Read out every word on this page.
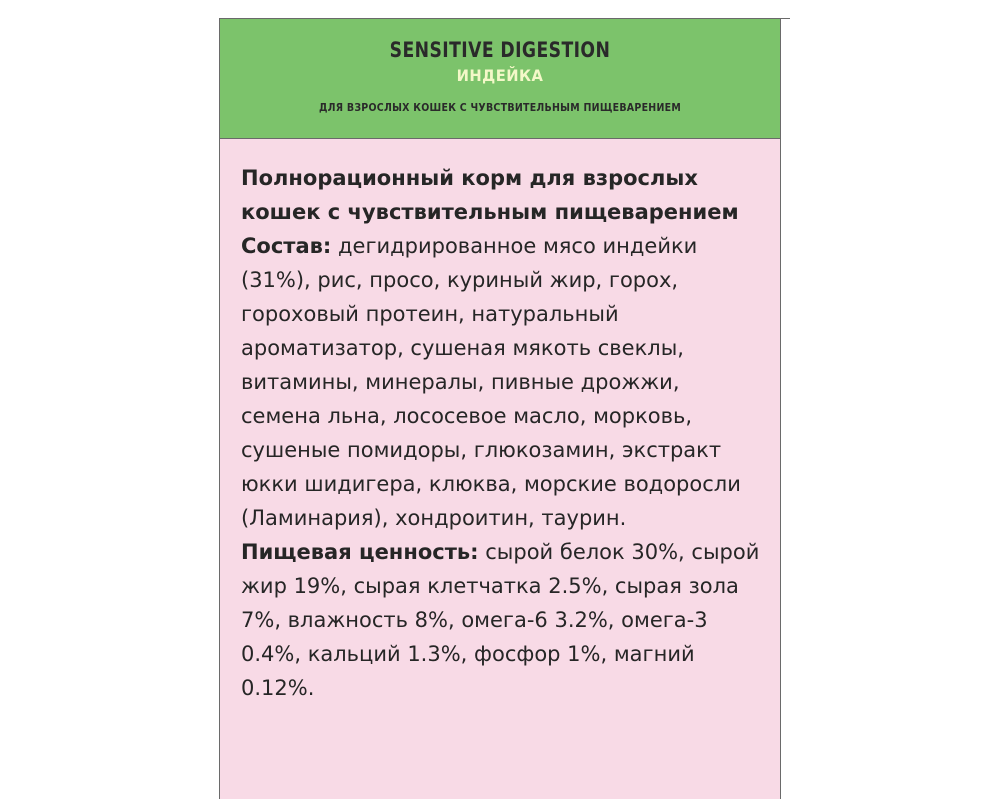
SENSITIVE DIGESTION
ИНДЕЙКА
ДЛЯ ВЗРОСЛЫХ КОШЕК С ЧУВСТВИТЕЛЬНЫМ ПИЩЕВАРЕНИЕМ

Полнорационный корм для взрослых кошек с чувствительным пищеварением

Состав: дегидрированное мясо индейки (31%), рис, просо, куриный жир, горох, гороховый протеин, натуральный ароматизатор, сушеная мякоть свеклы, витамины, минералы, пивные дрожжи, семена льна, лососевое масло, морковь, сушеные помидоры, глюкозамин, экстракт юкки шидигера, клюква, морские водоросли (Ламинария), хондроитин, таурин.

Пищевая ценность: сырой белок 30%, сырой жир 19%, сырая клетчатка 2.5%, сырая зола 7%, влажность 8%, омега-6 3.2%, омега-3 0.4%, кальций 1.3%, фосфор 1%, магний 0.12%.
